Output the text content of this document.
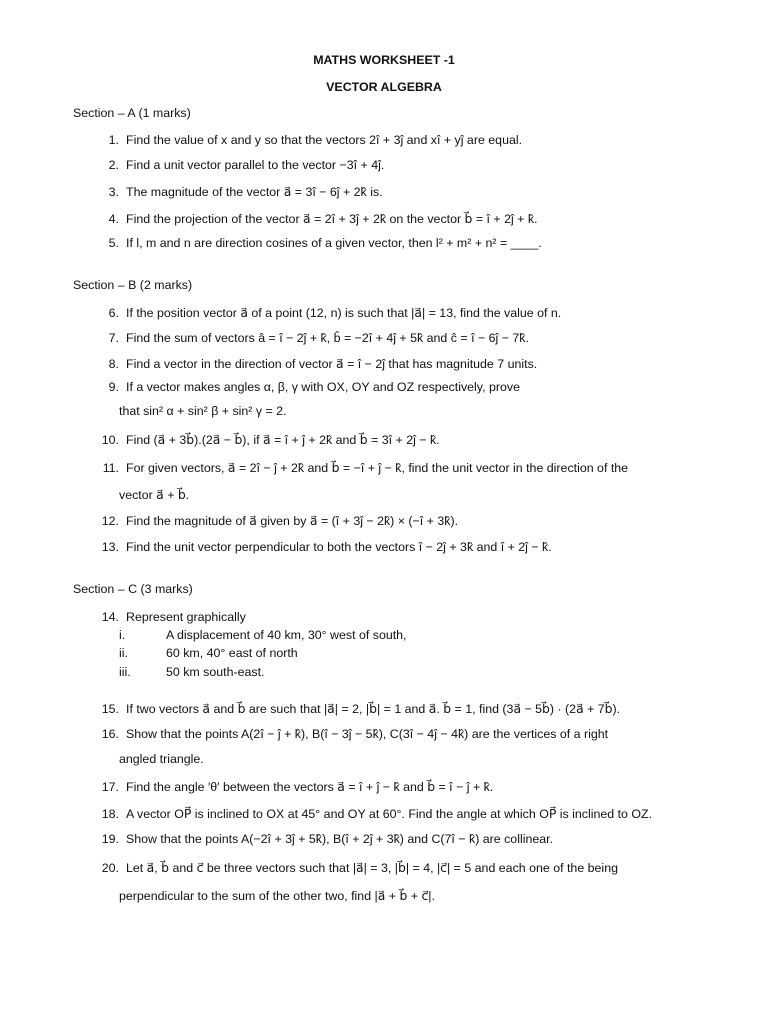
MATHS WORKSHEET -1
VECTOR ALGEBRA
Section – A (1 marks)
1. Find the value of x and y so that the vectors 2î + 3ĵ and xî + yĵ are equal.
2. Find a unit vector parallel to the vector −3î + 4ĵ.
3. The magnitude of the vector a⃗ = 3î − 6ĵ + 2k̂ is.
4. Find the projection of the vector a⃗ = 2î + 3ĵ + 2k̂ on the vector b⃗ = î + 2ĵ + k̂.
5. If l, m and n are direction cosines of a given vector, then l² + m² + n² = ____.
Section – B (2 marks)
6. If the position vector a⃗ of a point (12, n) is such that |a⃗| = 13, find the value of n.
7. Find the sum of vectors â = î − 2ĵ + k̂, b̂ = −2î + 4ĵ + 5k̂ and ĉ = î − 6ĵ − 7k̂.
8. Find a vector in the direction of vector a⃗ = î − 2ĵ that has magnitude 7 units.
9. If a vector makes angles α, β, γ with OX, OY and OZ respectively, prove
that sin² α + sin² β + sin² γ = 2.
10. Find (a⃗ + 3b⃗).(2a⃗ − b⃗), if a⃗ = î + ĵ + 2k̂ and b⃗ = 3î + 2ĵ − k̂.
11. For given vectors, a⃗ = 2î − ĵ + 2k̂ and b⃗ = −î + ĵ − k̂, find the unit vector in the direction of the
vector a⃗ + b⃗.
12. Find the magnitude of a⃗ given by a⃗ = (î + 3ĵ − 2k̂) × (−î + 3k̂).
13. Find the unit vector perpendicular to both the vectors î − 2ĵ + 3k̂ and î + 2ĵ − k̂.
Section – C (3 marks)
14. Represent graphically
i.	A displacement of 40 km, 30° west of south,
ii.	60 km, 40° east of north
iii.	50 km south-east.
15. If two vectors a⃗ and b⃗ are such that |a⃗| = 2, |b⃗| = 1 and a⃗. b⃗ = 1, find (3a⃗ − 5b⃗) · (2a⃗ + 7b⃗).
16. Show that the points A(2î − ĵ + k̂), B(î − 3ĵ − 5k̂), C(3î − 4ĵ − 4k̂) are the vertices of a right
angled triangle.
17. Find the angle ′θ′ between the vectors a⃗ = î + ĵ − k̂ and b⃗ = î − ĵ + k̂.
18. A vector OP⃗ is inclined to OX at 45° and OY at 60°. Find the angle at which OP⃗ is inclined to OZ.
19. Show that the points A(−2î + 3ĵ + 5k̂), B(î + 2ĵ + 3k̂) and C(7î − k̂) are collinear.
20. Let a⃗, b⃗ and c⃗ be three vectors such that |a⃗| = 3, |b⃗| = 4, |c⃗| = 5 and each one of the being
perpendicular to the sum of the other two, find |a⃗ + b⃗ + c⃗|.
